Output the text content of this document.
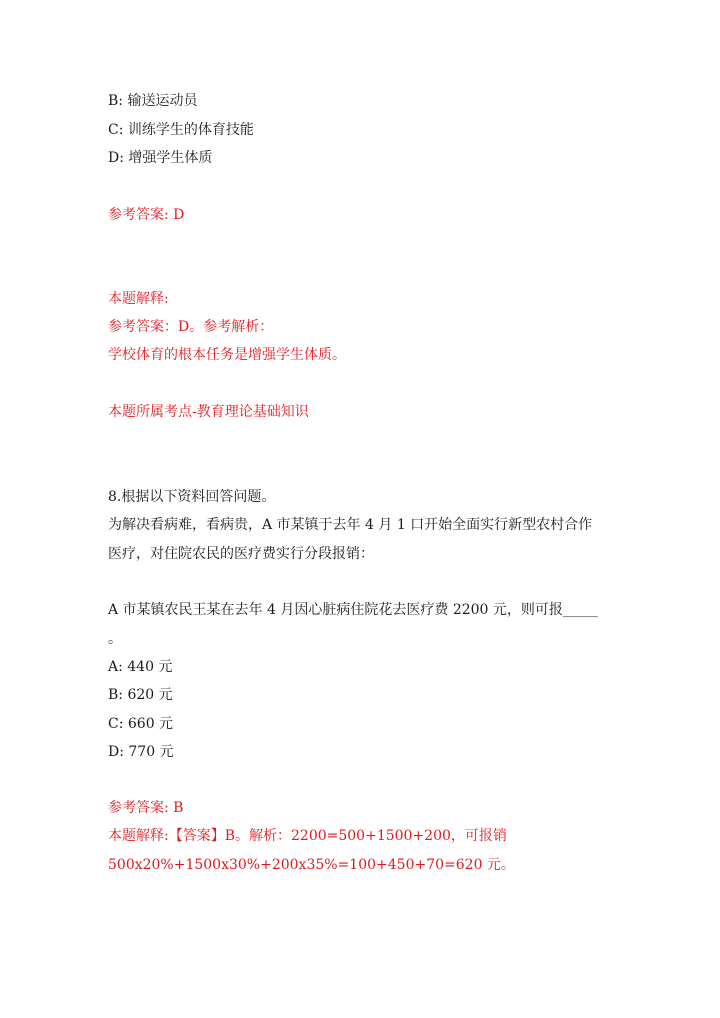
B: 输送运动员
C: 训练学生的体育技能
D: 增强学生体质
参考答案: D
本题解释:
参考答案：D。参考解析：
学校体育的根本任务是增强学生体质。
本题所属考点-教育理论基础知识
8.根据以下资料回答问题。
为解决看病难，看病贵，A 市某镇于去年 4 月 1 口开始全面实行新型农村合作
医疗，对住院农民的医疗费实行分段报销：
A 市某镇农民王某在去年 4 月因心脏病住院花去医疗费 2200 元，则可报_____
。
A: 440 元
B: 620 元
C: 660 元
D: 770 元
参考答案: B
本题解释:【答案】B。解析：2200=500+1500+200，可报销
500x20%+1500x30%+200x35%=100+450+70=620 元。
